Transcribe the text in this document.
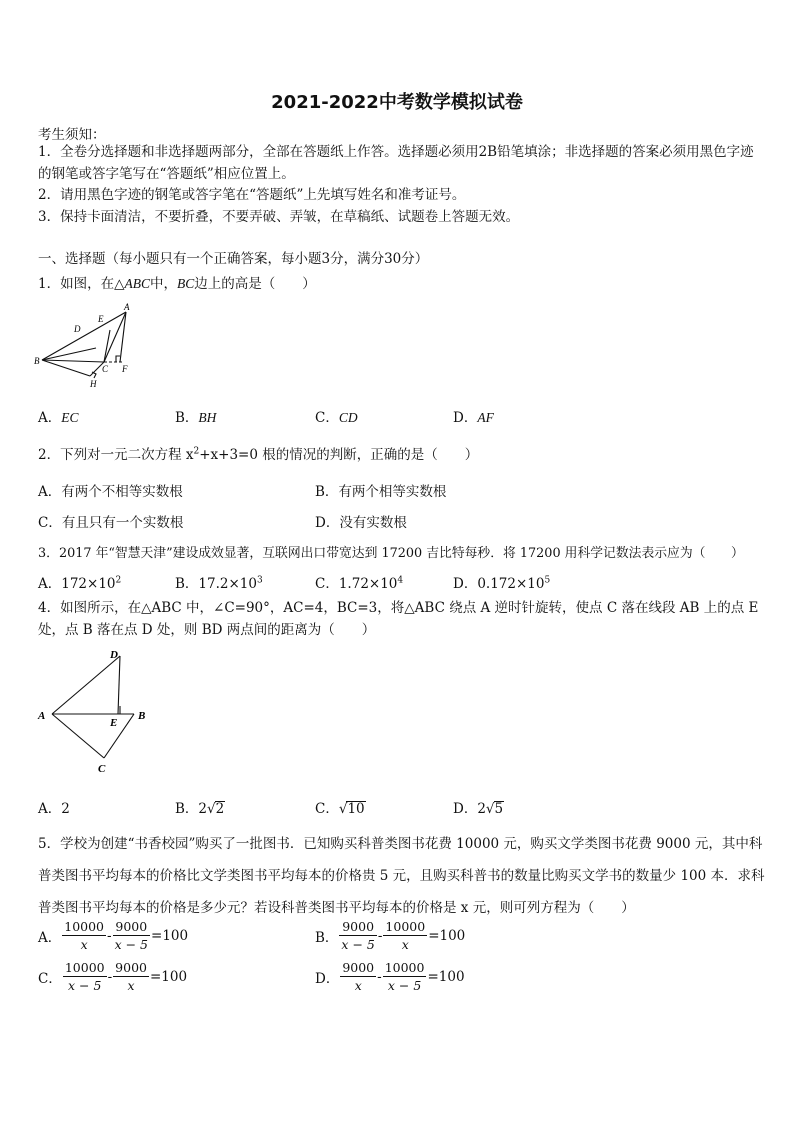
2021-2022中考数学模拟试卷
考生须知：
1．全卷分选择题和非选择题两部分，全部在答题纸上作答。选择题必须用2B铅笔填涂；非选择题的答案必须用黑色字迹的钢笔或答字笔写在“答题纸”相应位置上。
2．请用黑色字迹的钢笔或答字笔在“答题纸”上先填写姓名和准考证号。
3．保持卡面清洁，不要折叠，不要弄破、弄皱，在草稿纸、试题卷上答题无效。
一、选择题（每小题只有一个正确答案，每小题3分，满分30分）
1．如图，在△ABC中，BC边上的高是（　　）
D
E
A
B
C F
H
A．EC	B．BH	C．CD	D．AF
2．下列对一元二次方程 $x^2+x+3=0$ 根的情况的判断，正确的是（　　）
A．有两个不相等实数根	B．有两个相等实数根
C．有且只有一个实数根	D．没有实数根
3．2017 年“智慧天津”建设成效显著，互联网出口带宽达到 17200 吉比特每秒．将 17200 用科学记数法表示应为（　　）
A．$172\times 10^2$	B．$17.2\times 10^3$	C．$1.72\times 10^4$	D．$0.172\times 10^5$
4．如图所示，在△ABC 中，∠C=90°，AC=4，BC=3，将△ABC 绕点 A 逆时针旋转，使点 C 落在线段 AB 上的点 E 处，点 B 落在点 D 处，则 BD 两点间的距离为（　　）
D
A
E
B
C
A．2	B．2√2	C．√10	D．2√5
5．学校为创建“书香校园”购买了一批图书．已知购买科普类图书花费 10000 元，购买文学类图书花费 9000 元，其中科普类图书平均每本的价格比文学类图书平均每本的价格贵 5 元，且购买科普书的数量比购买文学书的数量少 100 本．求科普类图书平均每本的价格是多少元？若设科普类图书平均每本的价格是 x 元，则可列方程为（　　）
A． $\frac{10000}{x} - \frac{9000}{x - 5} =100$	B． $\frac{9000}{x - 5} - \frac{10000}{x} =100$
C． $\frac{10000}{x - 5} - \frac{9000}{x} =100$	D． $\frac{9000}{x} - \frac{10000}{x - 5} =100$
